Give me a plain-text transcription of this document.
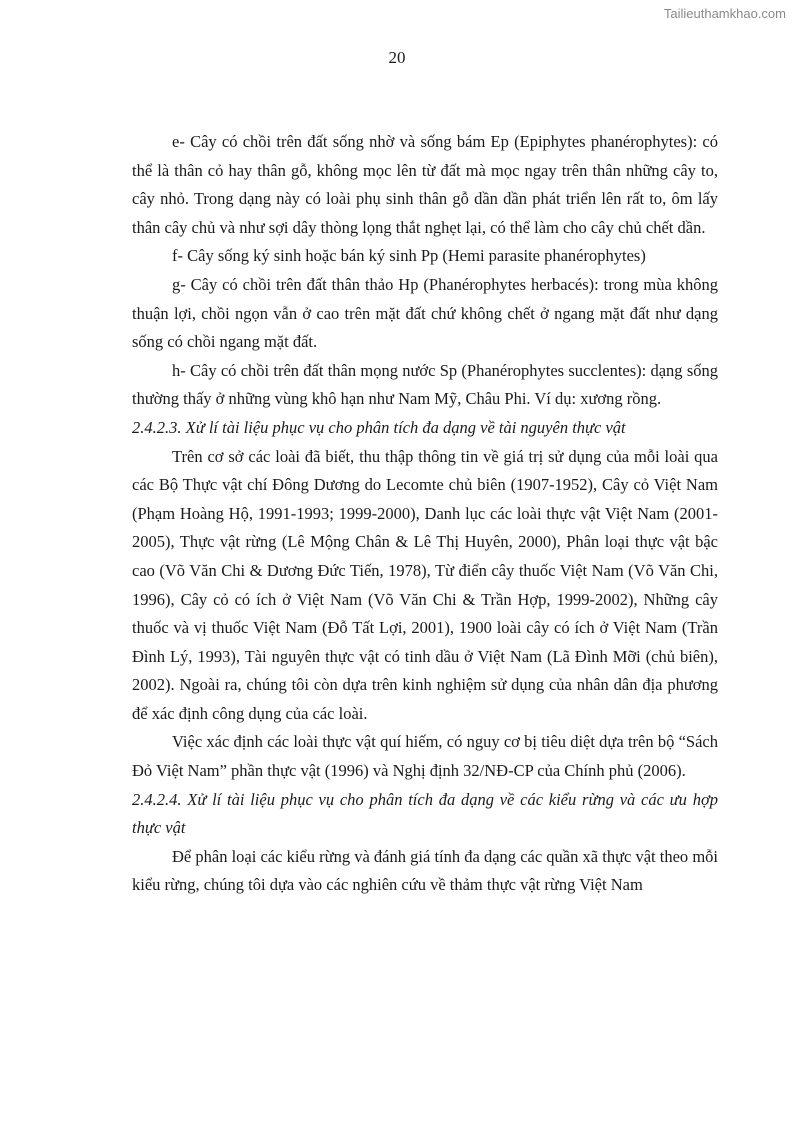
Tailieuthamkhao.com
20

e- Cây có chồi trên đất sống nhờ và sống bám Ep (Epiphytes phanérophytes): có thể là thân cỏ hay thân gỗ, không mọc lên từ đất mà mọc ngay trên thân những cây to, cây nhỏ. Trong dạng này có loài phụ sinh thân gỗ dần dần phát triển lên rất to, ôm lấy thân cây chủ và như sợi dây thòng lọng thắt nghẹt lại, có thể làm cho cây chủ chết dần.

f- Cây sống ký sinh hoặc bán ký sinh Pp (Hemi parasite phanérophytes)

g- Cây có chồi trên đất thân thảo Hp (Phanérophytes herbacés): trong mùa không thuận lợi, chồi ngọn vẫn ở cao trên mặt đất chứ không chết ở ngang mặt đất như dạng sống có chồi ngang mặt đất.

h- Cây có chồi trên đất thân mọng nước Sp (Phanérophytes succlentes): dạng sống thường thấy ở những vùng khô hạn như Nam Mỹ, Châu Phi. Ví dụ: xương rồng.

2.4.2.3. Xử lí tài liệu phục vụ cho phân tích đa dạng về tài nguyên thực vật

Trên cơ sở các loài đã biết, thu thập thông tin về giá trị sử dụng của mỗi loài qua các Bộ Thực vật chí Đông Dương do Lecomte chủ biên (1907-1952), Cây cỏ Việt Nam (Phạm Hoàng Hộ, 1991-1993; 1999-2000), Danh lục các loài thực vật Việt Nam (2001-2005), Thực vật rừng (Lê Mộng Chân & Lê Thị Huyên, 2000), Phân loại thực vật bậc cao (Võ Văn Chi & Dương Đức Tiến, 1978), Từ điển cây thuốc Việt Nam (Võ Văn Chi, 1996), Cây cỏ có ích ở Việt Nam (Võ Văn Chi & Trần Hợp, 1999-2002), Những cây thuốc và vị thuốc Việt Nam (Đỗ Tất Lợi, 2001), 1900 loài cây có ích ở Việt Nam (Trần Đình Lý, 1993), Tài nguyên thực vật có tinh dầu ở Việt Nam (Lã Đình Mỡi (chủ biên), 2002). Ngoài ra, chúng tôi còn dựa trên kinh nghiệm sử dụng của nhân dân địa phương để xác định công dụng của các loài.

Việc xác định các loài thực vật quí hiếm, có nguy cơ bị tiêu diệt dựa trên bộ “Sách Đỏ Việt Nam” phần thực vật (1996) và Nghị định 32/NĐ-CP của Chính phủ (2006).

2.4.2.4. Xử lí tài liệu phục vụ cho phân tích đa dạng về các kiểu rừng và các ưu hợp thực vật

Để phân loại các kiểu rừng và đánh giá tính đa dạng các quần xã thực vật theo mỗi kiểu rừng, chúng tôi dựa vào các nghiên cứu về thảm thực vật rừng Việt Nam
